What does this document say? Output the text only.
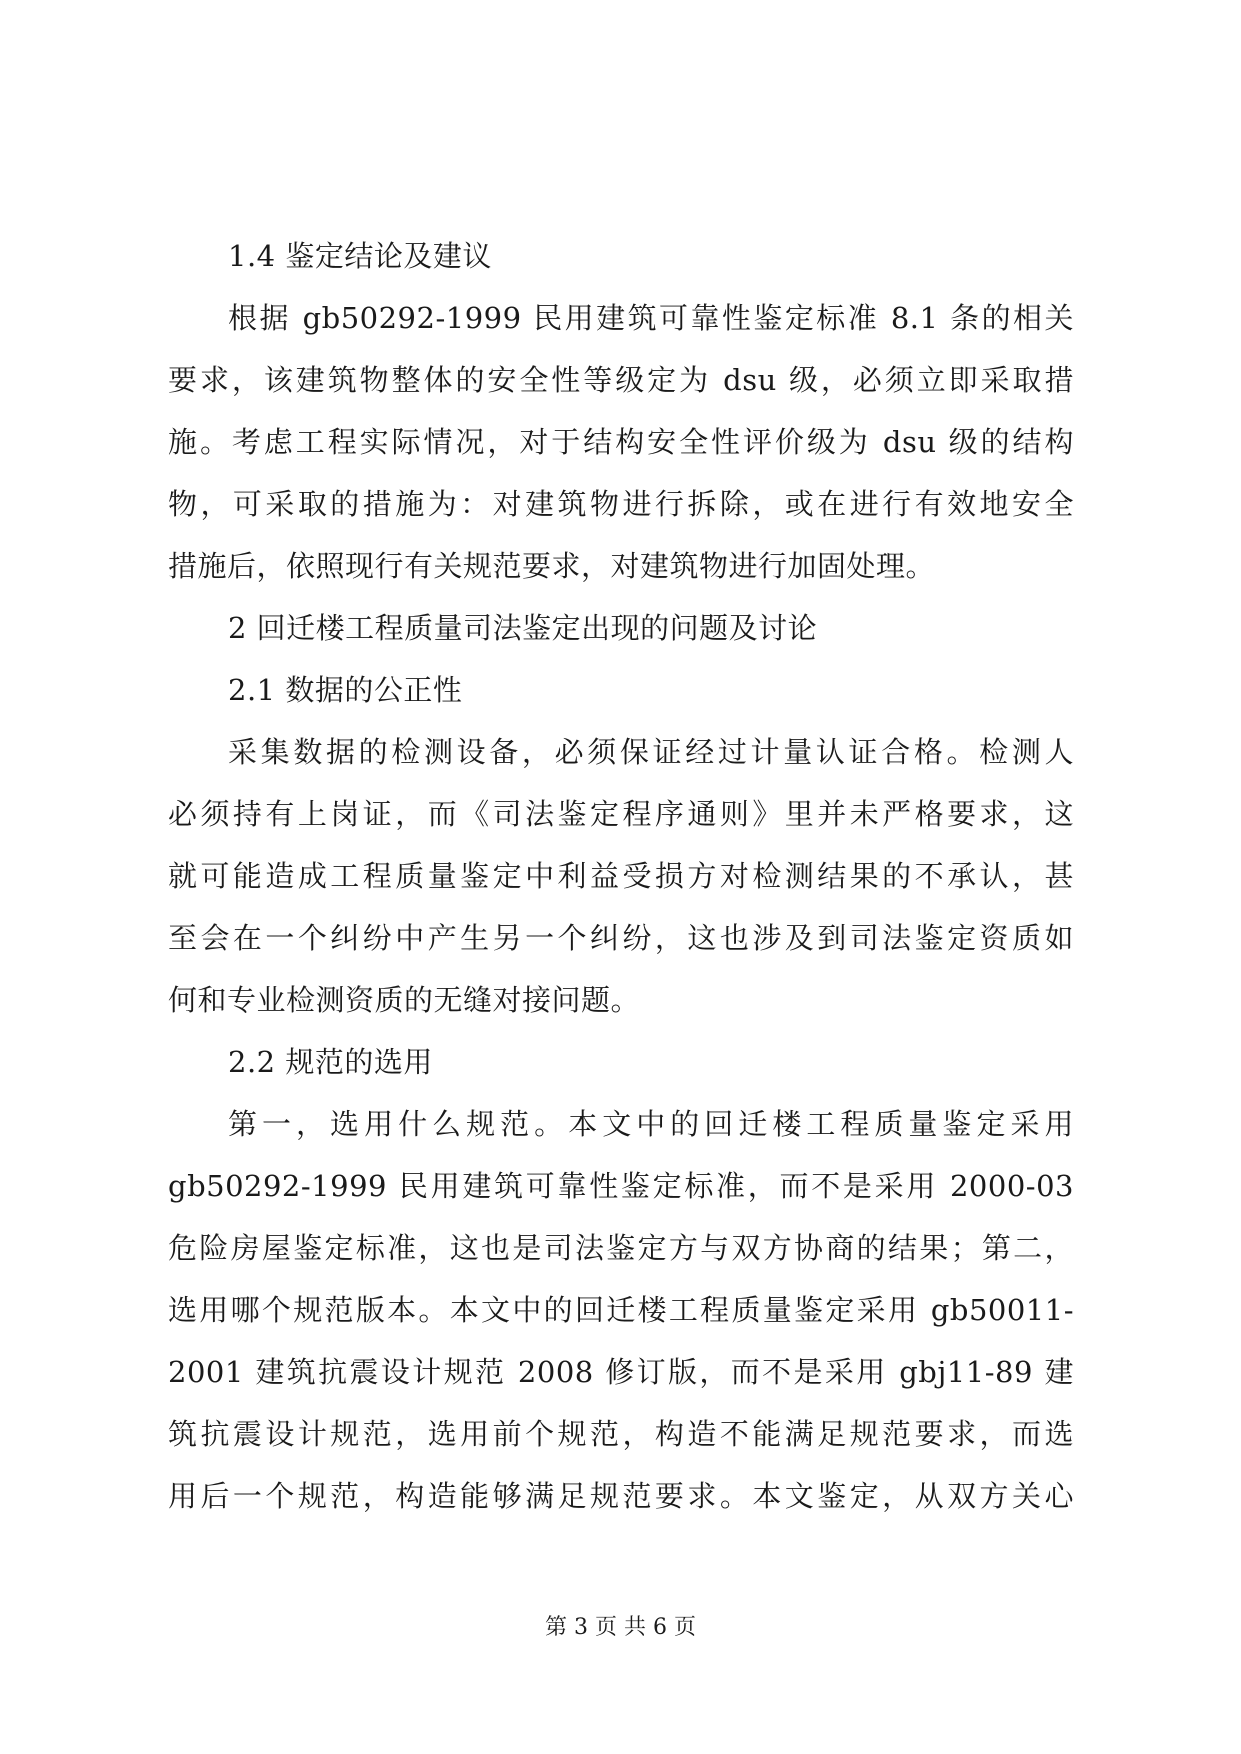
1.4 鉴定结论及建议
根据 gb50292-1999 民用建筑可靠性鉴定标准 8.1 条的相关
要求，该建筑物整体的安全性等级定为 dsu 级，必须立即采取措
施。考虑工程实际情况，对于结构安全性评价级为 dsu 级的结构
物，可采取的措施为：对建筑物进行拆除，或在进行有效地安全
措施后，依照现行有关规范要求，对建筑物进行加固处理。
2 回迁楼工程质量司法鉴定出现的问题及讨论
2.1 数据的公正性
采集数据的检测设备，必须保证经过计量认证合格。检测人
必须持有上岗证，而《司法鉴定程序通则》里并未严格要求，这
就可能造成工程质量鉴定中利益受损方对检测结果的不承认，甚
至会在一个纠纷中产生另一个纠纷，这也涉及到司法鉴定资质如
何和专业检测资质的无缝对接问题。
2.2 规范的选用
第一，选用什么规范。本文中的回迁楼工程质量鉴定采用
gb50292-1999 民用建筑可靠性鉴定标准，而不是采用 2000-03
危险房屋鉴定标准，这也是司法鉴定方与双方协商的结果；第二，
选用哪个规范版本。本文中的回迁楼工程质量鉴定采用 gb50011-
2001 建筑抗震设计规范 2008 修订版，而不是采用 gbj11-89 建
筑抗震设计规范，选用前个规范，构造不能满足规范要求，而选
用后一个规范，构造能够满足规范要求。本文鉴定，从双方关心
第 3 页 共 6 页
